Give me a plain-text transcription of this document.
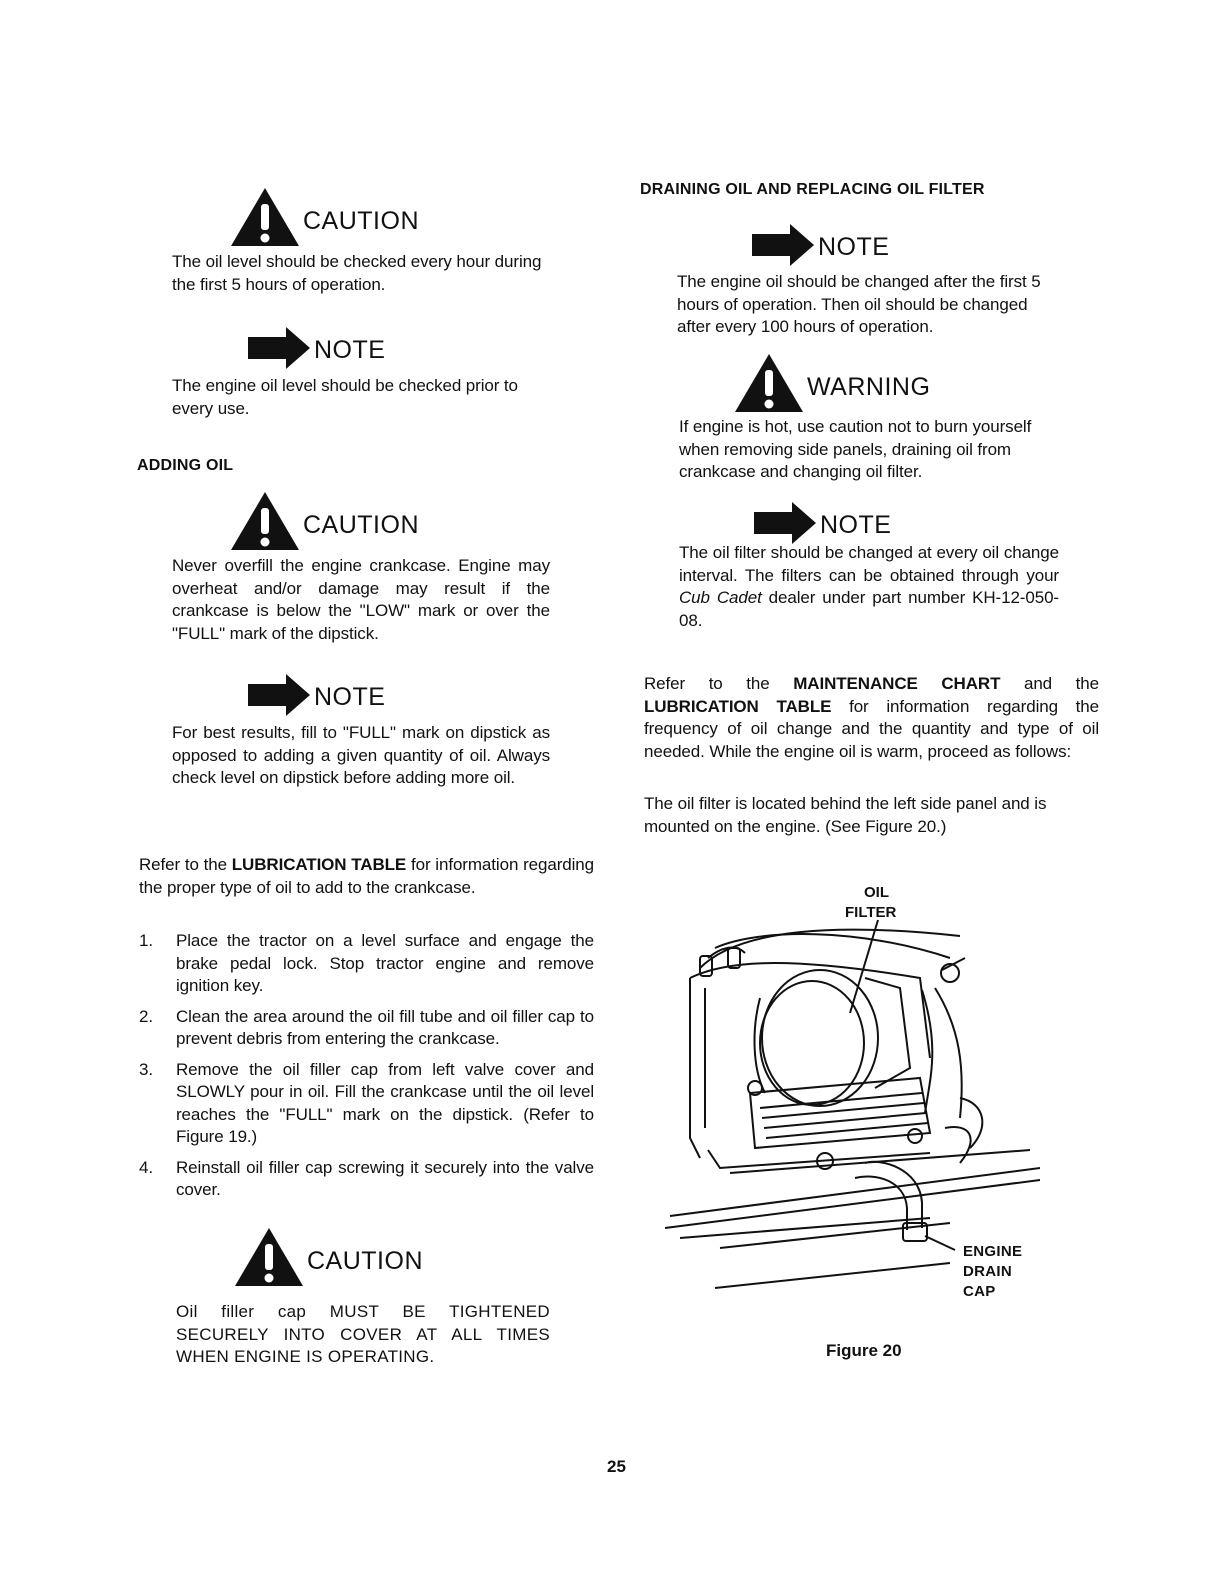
CAUTION
The oil level should be checked every hour during the first 5 hours of operation.
NOTE
The engine oil level should be checked prior to every use.
ADDING OIL
CAUTION
Never overfill the engine crankcase. Engine may overheat and/or damage may result if the crankcase is below the "LOW" mark or over the "FULL" mark of the dipstick.
NOTE
For best results, fill to "FULL" mark on dipstick as opposed to adding a given quantity of oil. Always check level on dipstick before adding more oil.
Refer to the LUBRICATION TABLE for information regarding the proper type of oil to add to the crankcase.
1.	Place the tractor on a level surface and engage the brake pedal lock. Stop tractor engine and remove ignition key.
2.	Clean the area around the oil fill tube and oil filler cap to prevent debris from entering the crankcase.
3.	Remove the oil filler cap from left valve cover and SLOWLY pour in oil. Fill the crankcase until the oil level reaches the "FULL" mark on the dipstick. (Refer to Figure 19.)
4.	Reinstall oil filler cap screwing it securely into the valve cover.
CAUTION
Oil filler cap MUST BE TIGHTENED SECURELY INTO COVER AT ALL TIMES WHEN ENGINE IS OPERATING.
DRAINING OIL AND REPLACING OIL FILTER
NOTE
The engine oil should be changed after the first 5 hours of operation. Then oil should be changed after every 100 hours of operation.
WARNING
If engine is hot, use caution not to burn yourself when removing side panels, draining oil from crankcase and changing oil filter.
NOTE
The oil filter should be changed at every oil change interval. The filters can be obtained through your Cub Cadet dealer under part number KH-12-050-08.
Refer to the MAINTENANCE CHART and the LUBRICATION TABLE for information regarding the frequency of oil change and the quantity and type of oil needed. While the engine oil is warm, proceed as follows:
The oil filter is located behind the left side panel and is mounted on the engine. (See Figure 20.)
OIL
FILTER
ENGINE
DRAIN
CAP
Figure 20
25
